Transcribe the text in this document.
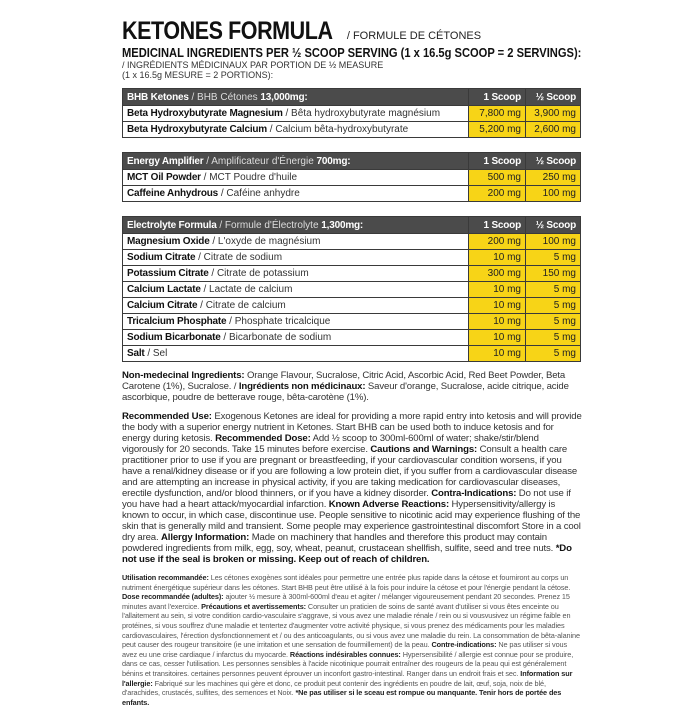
KETONES FORMULA / FORMULE DE CÉTONES
MEDICINAL INGREDIENTS PER ½ SCOOP SERVING (1 x 16.5g SCOOP = 2 SERVINGS):
/ INGRÉDIENTS MÉDICINAUX PAR PORTION DE ½ MEASURE
(1 x 16.5g MESURE = 2 PORTIONS):
BHB Ketones / BHB Cétones 13,000mg:	1 Scoop	½ Scoop
Beta Hydroxybutyrate Magnesium / Bêta hydroxybutyrate magnésium	7,800 mg	3,900 mg
Beta Hydroxybutyrate Calcium / Calcium bêta-hydroxybutyrate	5,200 mg	2,600 mg
Energy Amplifier / Amplificateur d'Énergie 700mg:	1 Scoop	½ Scoop
MCT Oil Powder / MCT Poudre d'huile	500 mg	250 mg
Caffeine Anhydrous / Caféine anhydre	200 mg	100 mg
Electrolyte Formula / Formule d'Électrolyte 1,300mg:	1 Scoop	½ Scoop
Magnesium Oxide / L'oxyde de magnésium	200 mg	100 mg
Sodium Citrate / Citrate de sodium	10 mg	5 mg
Potassium Citrate / Citrate de potassium	300 mg	150 mg
Calcium Lactate / Lactate de calcium	10 mg	5 mg
Calcium Citrate / Citrate de calcium	10 mg	5 mg
Tricalcium Phosphate / Phosphate tricalcique	10 mg	5 mg
Sodium Bicarbonate / Bicarbonate de sodium	10 mg	5 mg
Salt / Sel	10 mg	5 mg
Non-medecinal Ingredients: Orange Flavour, Sucralose, Citric Acid, Ascorbic Acid, Red Beet Powder, Beta Carotene (1%), Sucralose. / Ingrédients non médicinaux: Saveur d'orange, Sucralose, acide citrique, acide ascorbique, poudre de betterave rouge, bêta-carotène (1%).
Recommended Use: Exogenous Ketones are ideal for providing a more rapid entry into ketosis and will provide the body with a superior energy nutrient in Ketones. Start BHB can be used both to induce ketosis and for energy during ketosis. Recommended Dose: Add ½ scoop to 300ml-600ml of water; shake/stir/blend vigorously for 20 seconds. Take 15 minutes before exercise. Cautions and Warnings: Consult a health care practitioner prior to use if you are pregnant or breastfeeding, if your cardiovascular condition worsens, if you have a renal/kidney disease or if you are following a low protein diet, if you suffer from a cardiovascular disease and are attempting an increase in physical activity, if you are taking medication for cardiovascular diseases, erectile dysfunction, and/or blood thinners, or if you have a kidney disorder. Contra-Indications: Do not use if you have had a heart attack/myocardial infarction. Known Adverse Reactions: Hypersensitivity/allergy is known to occur, in which case, discontinue use. People sensitive to nicotinic acid may experience flushing of the skin that is generally mild and transient. Some people may experience gastrointestinal discomfort Store in a cool dry area. Allergy Information: Made on machinery that handles and therefore this product may contain powdered ingredients from milk, egg, soy, wheat, peanut, crustacean shellfish, sulfite, seed and tree nuts. *Do not use if the seal is broken or missing. Keep out of reach of children.
Utilisation recommandée: Les cétones exogènes sont idéales pour permettre une entrée plus rapide dans la cétose et fourniront au corps un nutriment énergétique supérieur dans les cétones. Start BHB peut être utilisé à la fois pour induire la cétose et pour l'énergie pendant la cétose. Dose recommandée (adultes): ajouter ½ mesure à 300ml-600ml d'eau et agiter / mélanger vigoureusement pendant 20 secondes. Prenez 15 minutes avant l'exercice. Précautions et avertissements: Consulter un praticien de soins de santé avant d'utiliser si vous êtes enceinte ou l'allaitement au sein, si votre condition cardio-vasculaire s'aggrave, si vous avez une maladie rénale / rein ou si vousvusivez un régime faible en protéines, si vous souffrez d'une maladie et tentertez d'augmenter votre activité physique, si vous prenez des médicaments pour les maladies cardiovasculaires, l'érection dysfonctionnement et / ou des anticoagulants, ou si vous avez une maladie du rein. La consommation de bêta-alanine peut causer des rougeur transitoire (ie une irritation et une sensation de fourmillement) de la peau. Contre-indications: Ne pas utiliser si vous avez eu une crise cardiaque / infarctus du myocarde. Réactions indésirables connues: Hypersensibilité / allergie est connue pour se produire, dans ce cas, cesser l'utilisation. Les personnes sensibles à l'acide nicotinique pourrait entraîner des rougeurs de la peau qui est généralement bénins et transitoires. certaines personnes peuvent éprouver un inconfort gastro-intestinal. Ranger dans un endroit frais et sec. Information sur l'allergie: Fabriqué sur les machines qui gère et donc, ce produit peut contenir des ingrédients en poudre de lait, œuf, soja, noix de blé, d'arachides, crustacés, sulfites, des semences et Noix. *Ne pas utiliser si le sceau est rompue ou manquante. Tenir hors de portée des enfants.
